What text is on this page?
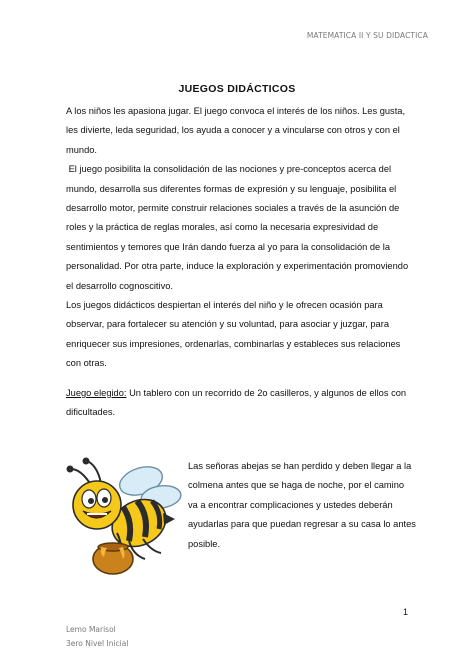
MATEMATICA II Y SU DIDACTICA
JUEGOS DIDÁCTICOS

A los niños les apasiona jugar. El juego convoca el interés de los niños. Les gusta, les divierte, leda seguridad, los ayuda a conocer y a vincularse con otros y con el mundo.

El juego posibilita la consolidación de las nociones y pre-conceptos acerca del mundo, desarrolla sus diferentes formas de expresión y su lenguaje, posibilita el desarrollo motor, permite construir relaciones sociales a través de la asunción de roles y la práctica de reglas morales, así como la necesaria expresividad de sentimientos y temores que Irán dando fuerza al yo para la consolidación de la personalidad. Por otra parte, induce la exploración y experimentación promoviendo el desarrollo cognoscitivo.

Los juegos didácticos despiertan el interés del niño y le ofrecen ocasión para observar, para fortalecer su atención y su voluntad, para asociar y juzgar, para enriquecer sus impresiones, ordenarlas, combinarlas y estableces sus relaciones con otras.

Juego elegido: Un tablero con un recorrido de 2o casilleros, y algunos de ellos con dificultades.

Las señoras abejas se han perdido y deben llegar a la colmena antes que se haga de noche, por el camino va a encontrar complicaciones y ustedes deberán ayudarlas para que puedan regresar a su casa lo antes posible.
1
Lemo Marisol
3ero Nivel Inicial
